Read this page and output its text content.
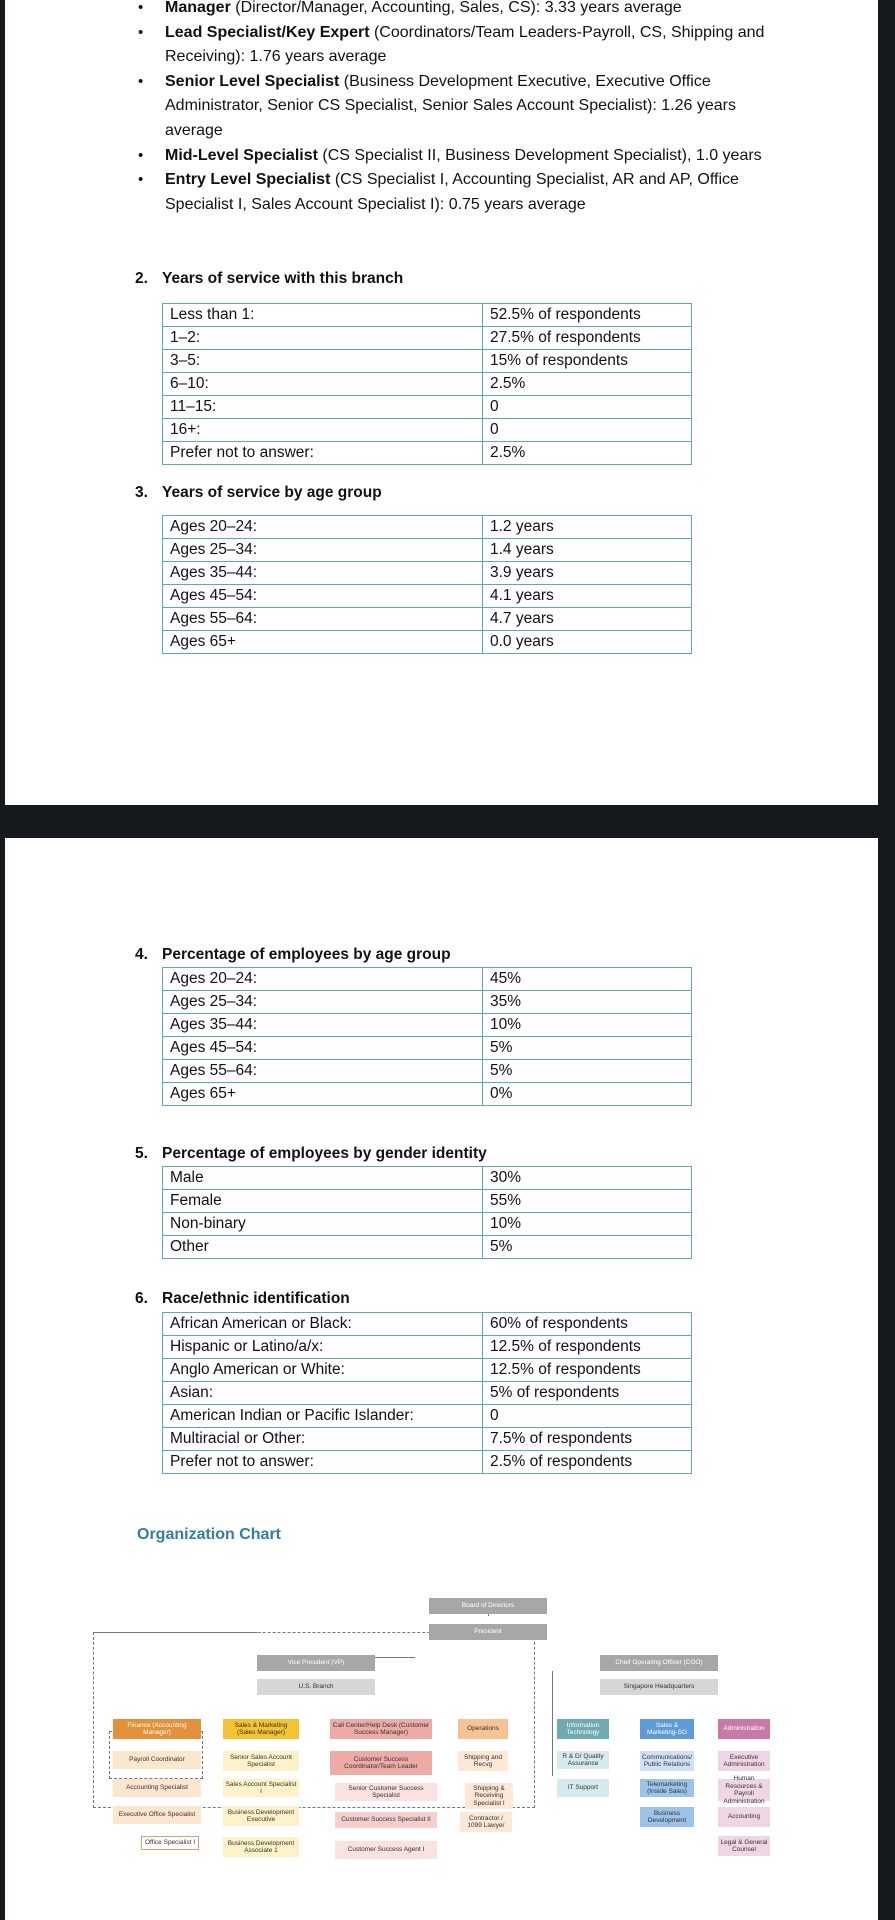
• Manager (Director/Manager, Accounting, Sales, CS): 3.33 years average
• Lead Specialist/Key Expert (Coordinators/Team Leaders-Payroll, CS, Shipping and Receiving): 1.76 years average
• Senior Level Specialist (Business Development Executive, Executive Office Administrator, Senior CS Specialist, Senior Sales Account Specialist): 1.26 years average
• Mid-Level Specialist (CS Specialist II, Business Development Specialist), 1.0 years
• Entry Level Specialist (CS Specialist I, Accounting Specialist, AR and AP, Office Specialist I, Sales Account Specialist I): 0.75 years average
2. Years of service with this branch
Less than 1:	52.5% of respondents
1–2:	27.5% of respondents
3–5:	15% of respondents
6–10:	2.5%
11–15:	0
16+:	0
Prefer not to answer:	2.5%
3. Years of service by age group
Ages 20–24:	1.2 years
Ages 25–34:	1.4 years
Ages 35–44:	3.9 years
Ages 45–54:	4.1 years
Ages 55–64:	4.7 years
Ages 65+	0.0 years
4. Percentage of employees by age group
Ages 20–24:	45%
Ages 25–34:	35%
Ages 35–44:	10%
Ages 45–54:	5%
Ages 55–64:	5%
Ages 65+	0%
5. Percentage of employees by gender identity
Male	30%
Female	55%
Non-binary	10%
Other	5%
6. Race/ethnic identification
African American or Black:	60% of respondents
Hispanic or Latino/a/x:	12.5% of respondents
Anglo American or White:	12.5% of respondents
Asian:	5% of respondents
American Indian or Pacific Islander:	0
Multiracial or Other:	7.5% of respondents
Prefer not to answer:	2.5% of respondents
Organization Chart
Board of Directors
President
Vice President (VP)
U.S. Branch
Chief Operating Officer (COO)
Singapore Headquarters
Finance (Accounting Manager)
Sales & Marketing (Sales Manager)
Call Center/Help Desk (Customer Success Manager)
Operations
Information Technology
Sales & Marketing-SG
Administration
Payroll Coordinator
Accounting Specialist
Executive Office Specialist
Office Specialist I
Senior Sales Account Specialist
Sales Account Specialist I
Business Development Executive
Business Development Associate 1
Customer Success Coordinator/Team Leader
Senior Customer Success Specialist
Customer Success Specialist II
Customer Success Agent I
Shipping and Recvg
Shipping & Receiving Specialist I
Contractor / 1099 Lawyer
R & D/ Quality Assurance
IT Support
Communications/ Public Relations
Telemarketing (Inside Sales)
Business Development
Executive Administration
Human Resources & Payroll Administration
Accounting
Legal & General Counsel
